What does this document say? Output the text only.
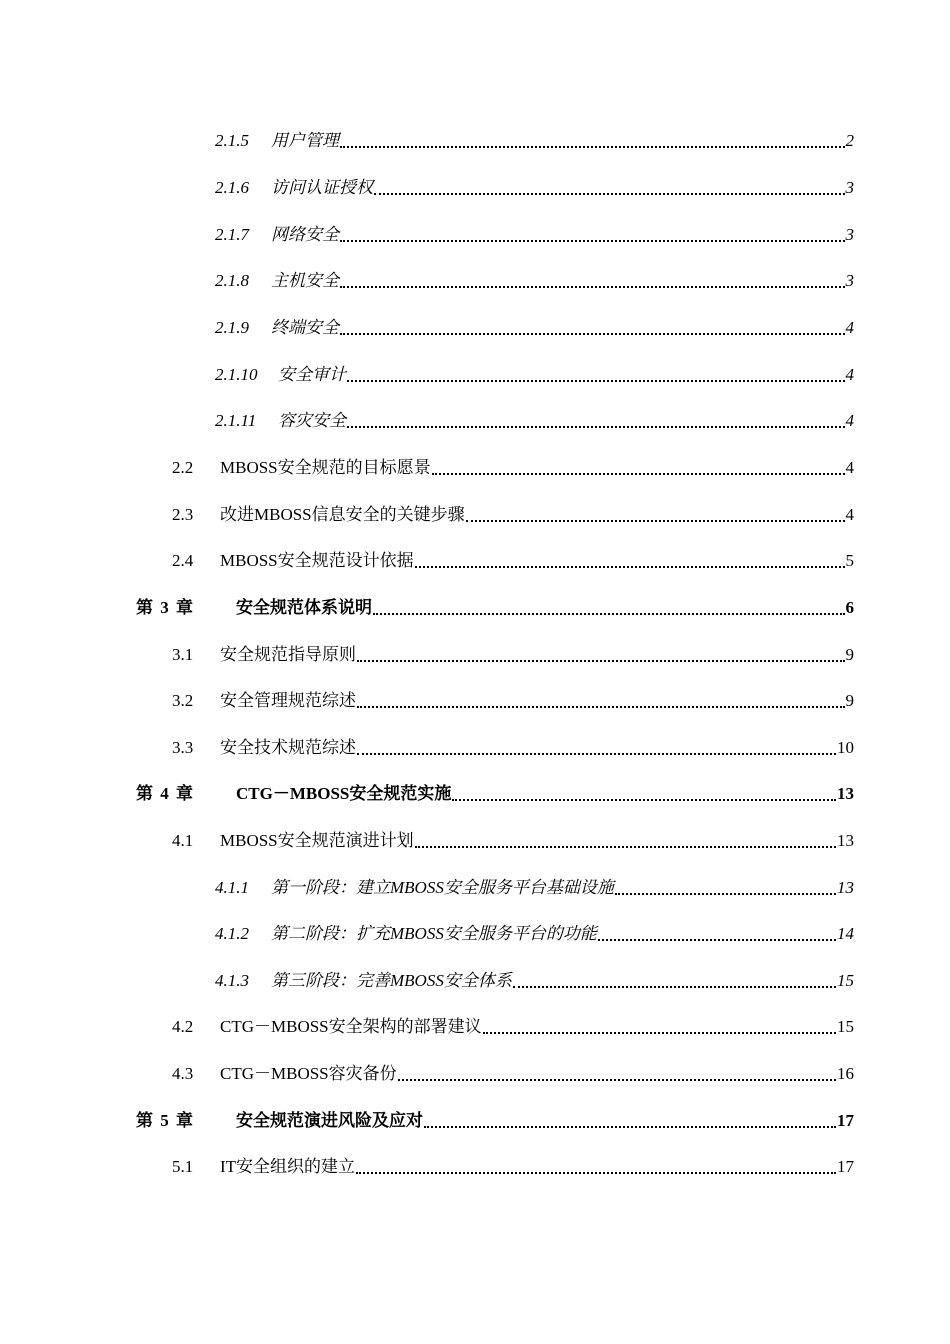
2.1.5	用户管理	2
2.1.6	访问认证授权	3
2.1.7	网络安全	3
2.1.8	主机安全	3
2.1.9	终端安全	4
2.1.10	安全审计	4
2.1.11	容灾安全	4
2.2	MBOSS安全规范的目标愿景	4
2.3	改进MBOSS信息安全的关键步骤	4
2.4	MBOSS安全规范设计依据	5
第 3 章	安全规范体系说明	6
3.1	安全规范指导原则	9
3.2	安全管理规范综述	9
3.3	安全技术规范综述	10
第 4 章	CTG－MBOSS安全规范实施	13
4.1	MBOSS安全规范演进计划	13
4.1.1	第一阶段：建立MBOSS安全服务平台基础设施	13
4.1.2	第二阶段：扩充MBOSS安全服务平台的功能	14
4.1.3	第三阶段：完善MBOSS安全体系	15
4.2	CTG－MBOSS安全架构的部署建议	15
4.3	CTG－MBOSS容灾备份	16
第 5 章	安全规范演进风险及应对	17
5.1	IT安全组织的建立	17
